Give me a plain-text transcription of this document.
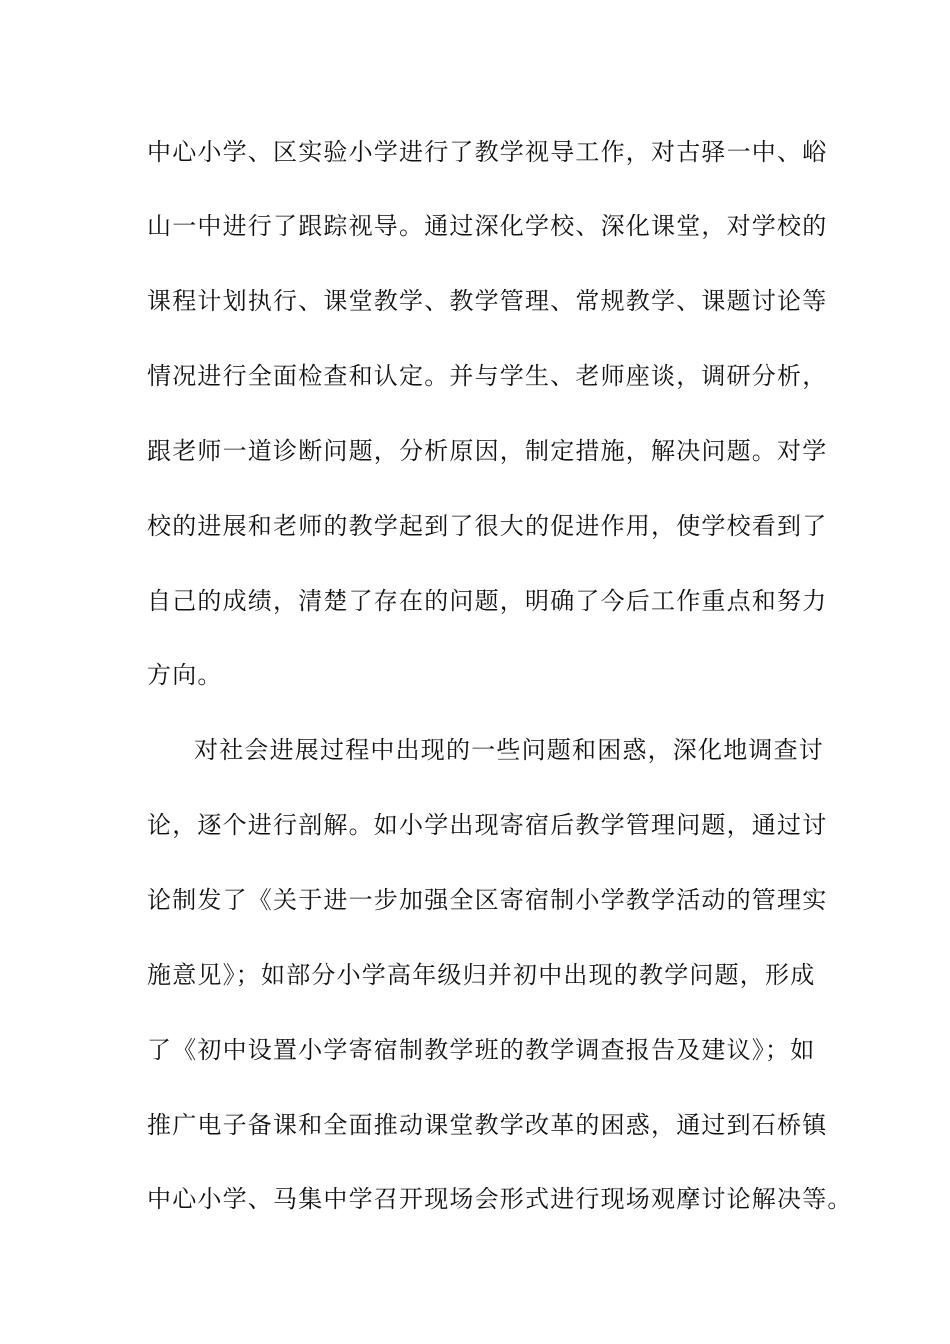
中心小学、区实验小学进行了教学视导工作，对古驿一中、峪
山一中进行了跟踪视导。通过深化学校、深化课堂，对学校的
课程计划执行、课堂教学、教学管理、常规教学、课题讨论等
情况进行全面检查和认定。并与学生、老师座谈，调研分析，
跟老师一道诊断问题，分析原因，制定措施，解决问题。对学
校的进展和老师的教学起到了很大的促进作用，使学校看到了
自己的成绩，清楚了存在的问题，明确了今后工作重点和努力
方向。
对社会进展过程中出现的一些问题和困惑，深化地调查讨
论，逐个进行剖解。如小学出现寄宿后教学管理问题，通过讨
论制发了《关于进一步加强全区寄宿制小学教学活动的管理实
施意见》；如部分小学高年级归并初中出现的教学问题，形成
了《初中设置小学寄宿制教学班的教学调查报告及建议》；如
推广电子备课和全面推动课堂教学改革的困惑，通过到石桥镇
中心小学、马集中学召开现场会形式进行现场观摩讨论解决等。
